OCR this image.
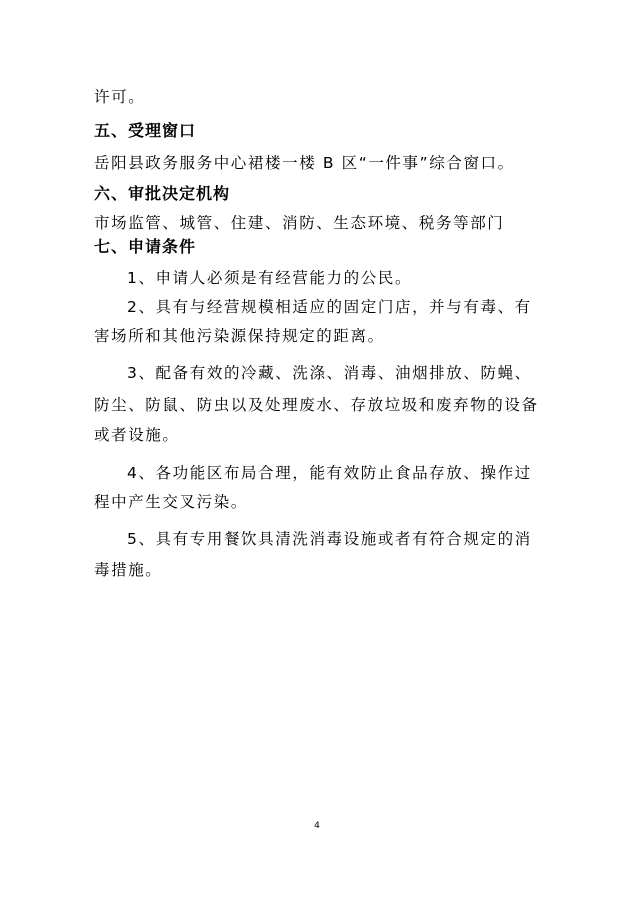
许可。
五、受理窗口
岳阳县政务服务中心裙楼一楼 B 区“一件事”综合窗口。
六、审批决定机构
市场监管、城管、住建、消防、生态环境、税务等部门
七、申请条件
1、申请人必须是有经营能力的公民。
2、具有与经营规模相适应的固定门店，并与有毒、有
害场所和其他污染源保持规定的距离。
3、配备有效的冷藏、洗涤、消毒、油烟排放、防蝇、
防尘、防鼠、防虫以及处理废水、存放垃圾和废弃物的设备
或者设施。
4、各功能区布局合理，能有效防止食品存放、操作过
程中产生交叉污染。
5、具有专用餐饮具清洗消毒设施或者有符合规定的消
毒措施。
4
